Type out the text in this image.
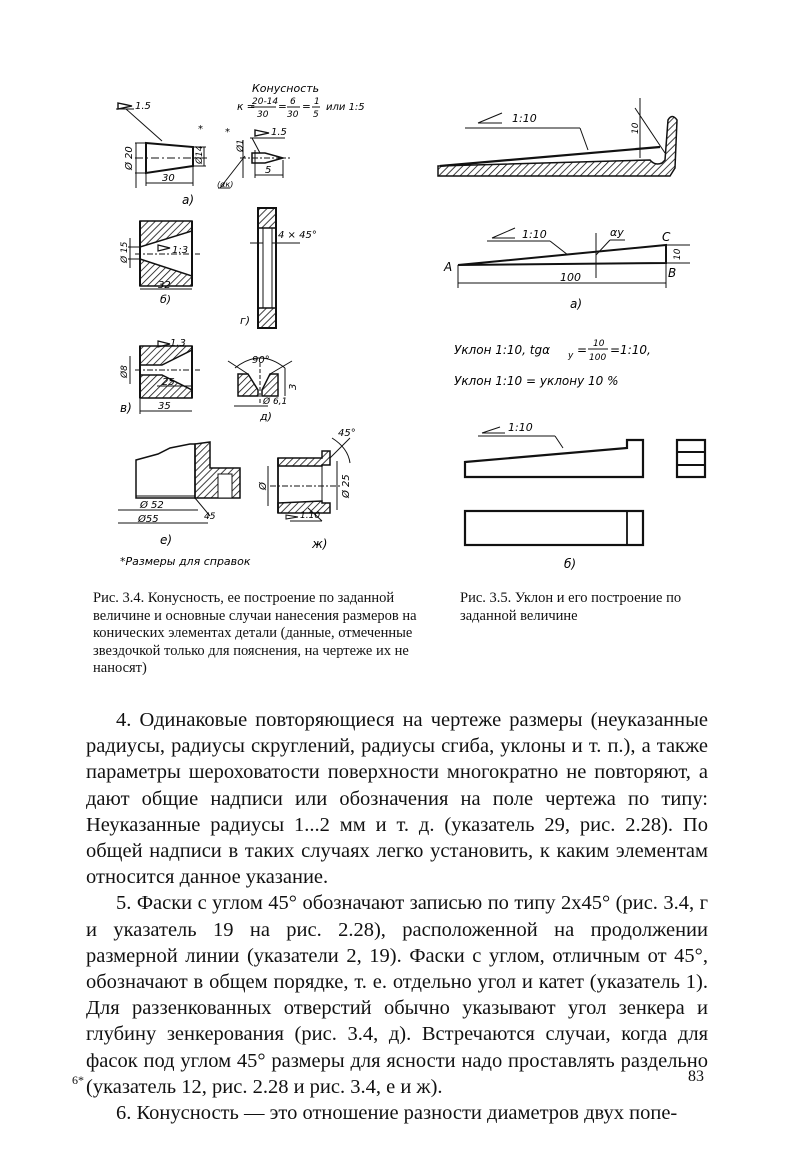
Конусность
к =
20-14
30
= 6
30
= 1
5
или 1:5
1.5
Ø 20	Ø14
*
30
*
Ø1
1.5
5
(αк)
а)
Ø 15	1:3
32
б)
4 × 45°
г)
1.3
Ø8
25
35
в)
90°
3
Ø 6,1
д)
Ø 52
Ø55	45
е)
45°
Ø	Ø 25
1.10
ж)
*Размеры для справок
1:10
10
1:10	αу
A	B
C
10
100
а)
Уклон 1:10, tgα у = 10
100
=1:10,
Уклон 1:10 = уклону 10 %
1:10
б)
Рис. 3.4. Конусность, ее построение по заданной величине и основные случаи нанесения размеров на конических элементах детали (данные, отмеченные звездочкой только для пояснения, на чертеже их не наносят)
Рис. 3.5. Уклон и его построение по заданной величине

4. Одинаковые повторяющиеся на чертеже размеры (неуказанные радиусы, радиусы скруглений, радиусы сгиба, уклоны и т. п.), а также параметры шероховатости поверхности многократно не повторяют, а дают общие надписи или обозначения на поле чертежа по типу: Неуказанные радиусы 1...2 мм и т. д. (указатель 29, рис. 2.28). По общей надписи в таких случаях легко установить, к каким элементам относится данное указание.

5. Фаски с углом 45° обозначают записью по типу 2x45° (рис. 3.4, г и указатель 19 на рис. 2.28), расположенной на продолжении размерной линии (указатели 2, 19). Фаски с углом, отличным от 45°, обозначают в общем порядке, т. е. отдельно угол и катет (указатель 1). Для раззенкованных отверстий обычно указывают угол зенкера и глубину зенкерования (рис. 3.4, д). Встречаются случаи, когда для фасок под углом 45° размеры для ясности надо проставлять раздельно (указатель 12, рис. 2.28 и рис. 3.4, е и ж).

6. Конусность — это отношение разности диаметров двух попе-

6*	83
